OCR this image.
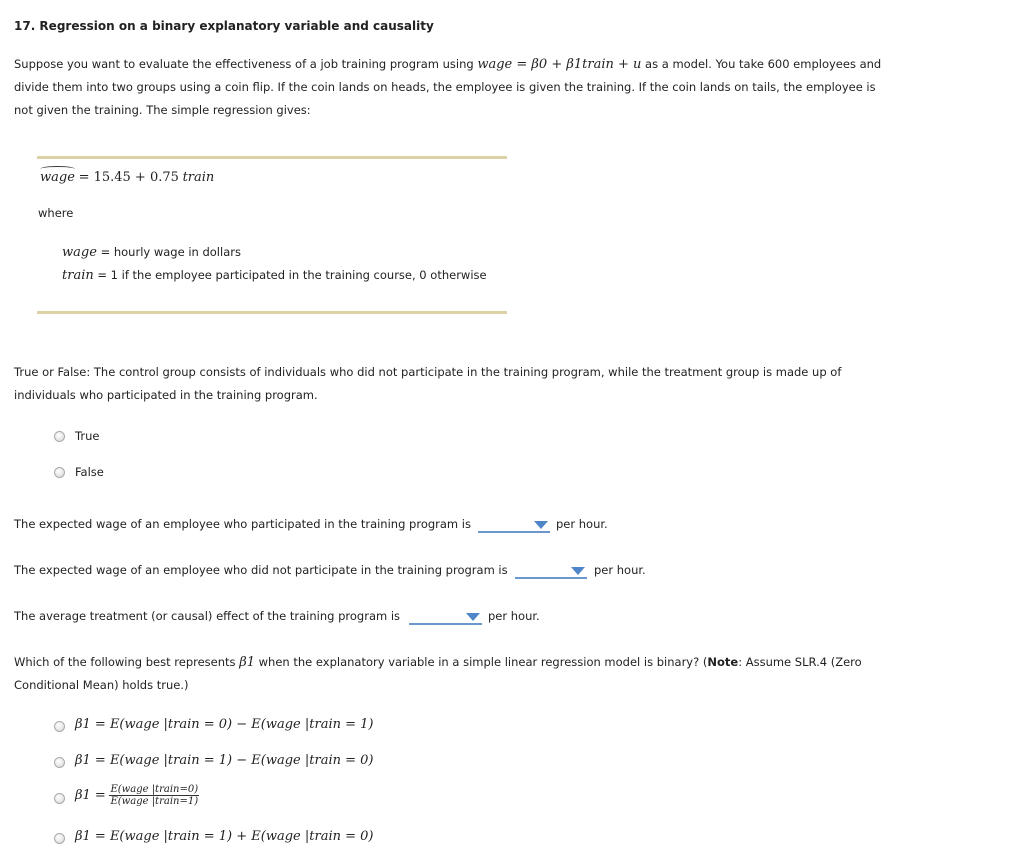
17. Regression on a binary explanatory variable and causality
Suppose you want to evaluate the effectiveness of a job training program using wage = β0 + β1train + u as a model. You take 600 employees and
divide them into two groups using a coin flip. If the coin lands on heads, the employee is given the training. If the coin lands on tails, the employee is
not given the training. The simple regression gives:
wage = 15.45 + 0.75 train
where
wage = hourly wage in dollars
train = 1 if the employee participated in the training course, 0 otherwise
True or False: The control group consists of individuals who did not participate in the training program, while the treatment group is made up of
individuals who participated in the training program.
True
False
The expected wage of an employee who participated in the training program is	per hour.
The expected wage of an employee who did not participate in the training program is	per hour.
The average treatment (or causal) effect of the training program is	per hour.
Which of the following best represents β1 when the explanatory variable in a simple linear regression model is binary? (Note: Assume SLR.4 (Zero
Conditional Mean) holds true.)
β1 = E(wage |train = 0) − E(wage |train = 1)
β1 = E(wage |train = 1) − E(wage |train = 0)
$\beta 1 = \frac{\text{E(wage |train=0)}}{\text{E(wage |train=1)}}$
β1 = E(wage |train = 1) + E(wage |train = 0)
